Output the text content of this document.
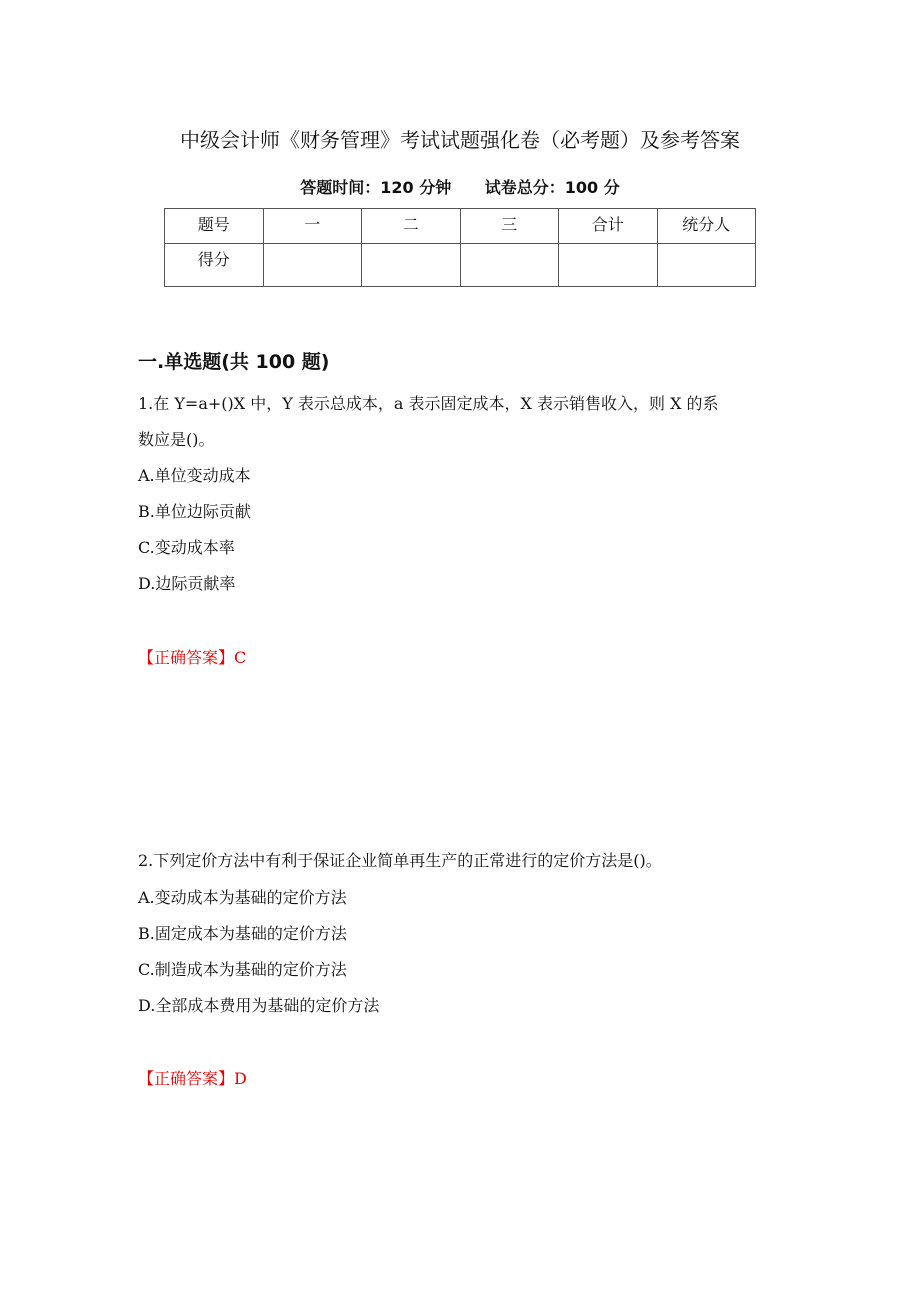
中级会计师《财务管理》考试试题强化卷（必考题）及参考答案
答题时间：120 分钟 试卷总分：100 分
题号	一	二	三	合计	统分人
得分					
一.单选题(共 100 题)
1.在 Y=a+()X 中，Y 表示总成本，a 表示固定成本，X 表示销售收入，则 X 的系
数应是()。
A.单位变动成本
B.单位边际贡献
C.变动成本率
D.边际贡献率
【正确答案】C
2.下列定价方法中有利于保证企业简单再生产的正常进行的定价方法是()。
A.变动成本为基础的定价方法
B.固定成本为基础的定价方法
C.制造成本为基础的定价方法
D.全部成本费用为基础的定价方法
【正确答案】D
